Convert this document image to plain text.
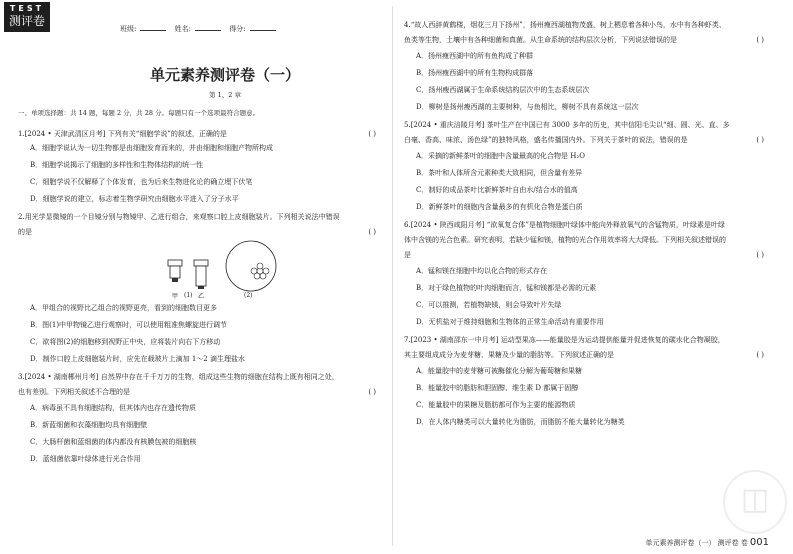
TEST
测评卷
班级:	姓名:	得分:
单元素养测评卷（一）
第 1、2 章
一、单项选择题：共 14 题，每题 2 分，共 28 分。每题只有一个选项最符合题意。
1.[2024 • 天津武清区月考] 下列有关“细胞学说”的叙述，正确的是	( )
A．细胞学说认为一切生物都是由细胞发育而来的，并由细胞和细胞产物所构成
B．细胞学说揭示了细胞的多样性和生物体结构的统一性
C．细胞学说不仅解释了个体发育，也为后来生物进化论的确立埋下伏笔
D．细胞学说的建立，标志着生物学研究由细胞水平进入了分子水平
2.用光学显微镜的一个目镜分别与物镜甲、乙进行组合，来观察口腔上皮细胞装片。下列相关说法中错误的是	( )
甲	乙
(1)	(2)
A．甲组合的视野比乙组合的视野更亮，看到的细胞数目更多
B．图(1)中甲物镜乙进行观察时，可以使用粗准焦螺旋进行调节
C．欲将图(2)的细胞移到视野正中央，应将装片向右下方移动
D．制作口腔上皮细胞装片时，应先在载玻片上滴加 1～2 滴生理盐水
3.[2024 • 湖南郴州月考] 自然界中存在千千万万的生物，组成这些生物的细胞在结构上既有相同之处，也有差别。下列相关叙述不合理的是	( )
A．病毒虽不具有细胞结构，但其体内也存在遗传物质
B．新蓝细菌和衣藻细胞均具有细胞壁
C．大肠杆菌和蓝细菌的体内都没有核膜包被的细胞核
D．蓝细菌依靠叶绿体进行光合作用
4.“故人西辞黄鹤楼，烟花三月下扬州”，扬州瘦西湖植物茂盛，树上栖息着各种小鸟，水中有各种虾类、鱼类等生物，土壤中有各种细菌和真菌。从生命系统的结构层次分析，下列说法错误的是	( )
A．扬州瘦西湖中的所有鱼构成了种群
B．扬州瘦西湖中的所有生物构成群落
C．扬州瘦西湖属于生命系统结构层次中的生态系统层次
D．柳树是扬州瘦西湖的主要树种，与鱼相比，柳树不具有系统这一层次
5.[2024 • 重庆涪陵月考] 茶叶生产在中国已有 3000 多年的历史，其中信阳毛尖以“细、圆、光、直、多白毫、香高、味浓、汤色绿”的独特风格，盛名传播国内外。下列关于茶叶的说法，错误的是	( )
A．采摘的新鲜茶叶的细胞中含量最高的化合物是 H₂O
B．茶叶和人体所含元素种类大致相同，但含量有差异
C．制好的成品茶叶比新鲜茶叶自由水/结合水的值高
D．新鲜茶叶的细胞内含量最多的有机化合物是蛋白质
6.[2024 • 陕西咸阳月考] “欲氧复合体”是植物细胞叶绿体中能向外释放氧气的含锰物质，叶绿素是叶绿体中含镁的光合色素。研究表明，若缺少锰和镁，植物的光合作用效率将大大降低。下列相关叙述错误的是	( )
A．锰和镁在细胞中均以化合物的形式存在
B．对于绿色植物的叶肉细胞而言，锰和镁都是必需的元素
C．可以推测，若植物缺镁，则会导致叶片失绿
D．无机盐对于维持细胞和生物体的正常生命活动有重要作用
7.[2023 • 湖南邵东一中月考] 运动型果冻——能量胶是为运动提供能量并促进恢复的碳水化合物凝胶，其主要组成成分为麦芽糖、果糖及少量的脂肪等。下列叙述正确的是	( )
A．能量胶中的麦芽糖可被酶催化分解为葡萄糖和果糖
B．能量胶中的脂肪和胆固醇、维生素 D 都属于固醇
C．能量胶中的果糖及脂肪都可作为主要的能源物质
D．在人体内糖类可以大量转化为脂肪，而脂肪不能大量转化为糖类
◫
单元素养测评卷（一） 测评卷 卷 001
